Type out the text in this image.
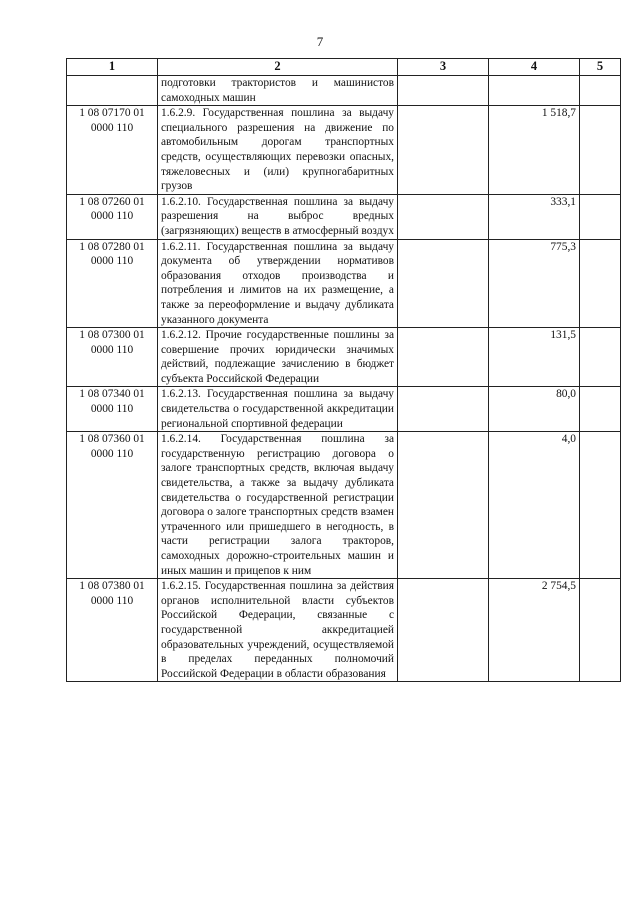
7
1	2	3	4	5
	подготовки трактористов и машинистов самоходных машин			
1 08 07170 01 0000 110	1.6.2.9. Государственная пошлина за выдачу специального разрешения на движение по автомобильным дорогам транспортных средств, осуществляющих перевозки опасных, тяжеловесных и (или) крупногабаритных грузов		1 518,7	
1 08 07260 01 0000 110	1.6.2.10. Государственная пошлина за выдачу разрешения на выброс вредных (загрязняющих) веществ в атмосферный воздух		333,1	
1 08 07280 01 0000 110	1.6.2.11. Государственная пошлина за выдачу документа об утверждении нормативов образования отходов производства и потребления и лимитов на их размещение, а также за переоформление и выдачу дубликата указанного документа		775,3	
1 08 07300 01 0000 110	1.6.2.12. Прочие государственные пошлины за совершение прочих юридически значимых действий, подлежащие зачислению в бюджет субъекта Российской Федерации		131,5	
1 08 07340 01 0000 110	1.6.2.13. Государственная пошлина за выдачу свидетельства о государственной аккредитации региональной спортивной федерации		80,0	
1 08 07360 01 0000 110	1.6.2.14. Государственная пошлина за государственную регистрацию договора о залоге транспортных средств, включая выдачу свидетельства, а также за выдачу дубликата свидетельства о государственной регистрации договора о залоге транспортных средств взамен утраченного или пришедшего в негодность, в части регистрации залога тракторов, самоходных дорожно-строительных машин и иных машин и прицепов к ним		4,0	
1 08 07380 01 0000 110	1.6.2.15. Государственная пошлина за действия органов исполнительной власти субъектов Российской Федерации, связанные с государственной аккредитацией образовательных учреждений, осуществляемой в пределах переданных полномочий Российской Федерации в области образования		2 754,5	
